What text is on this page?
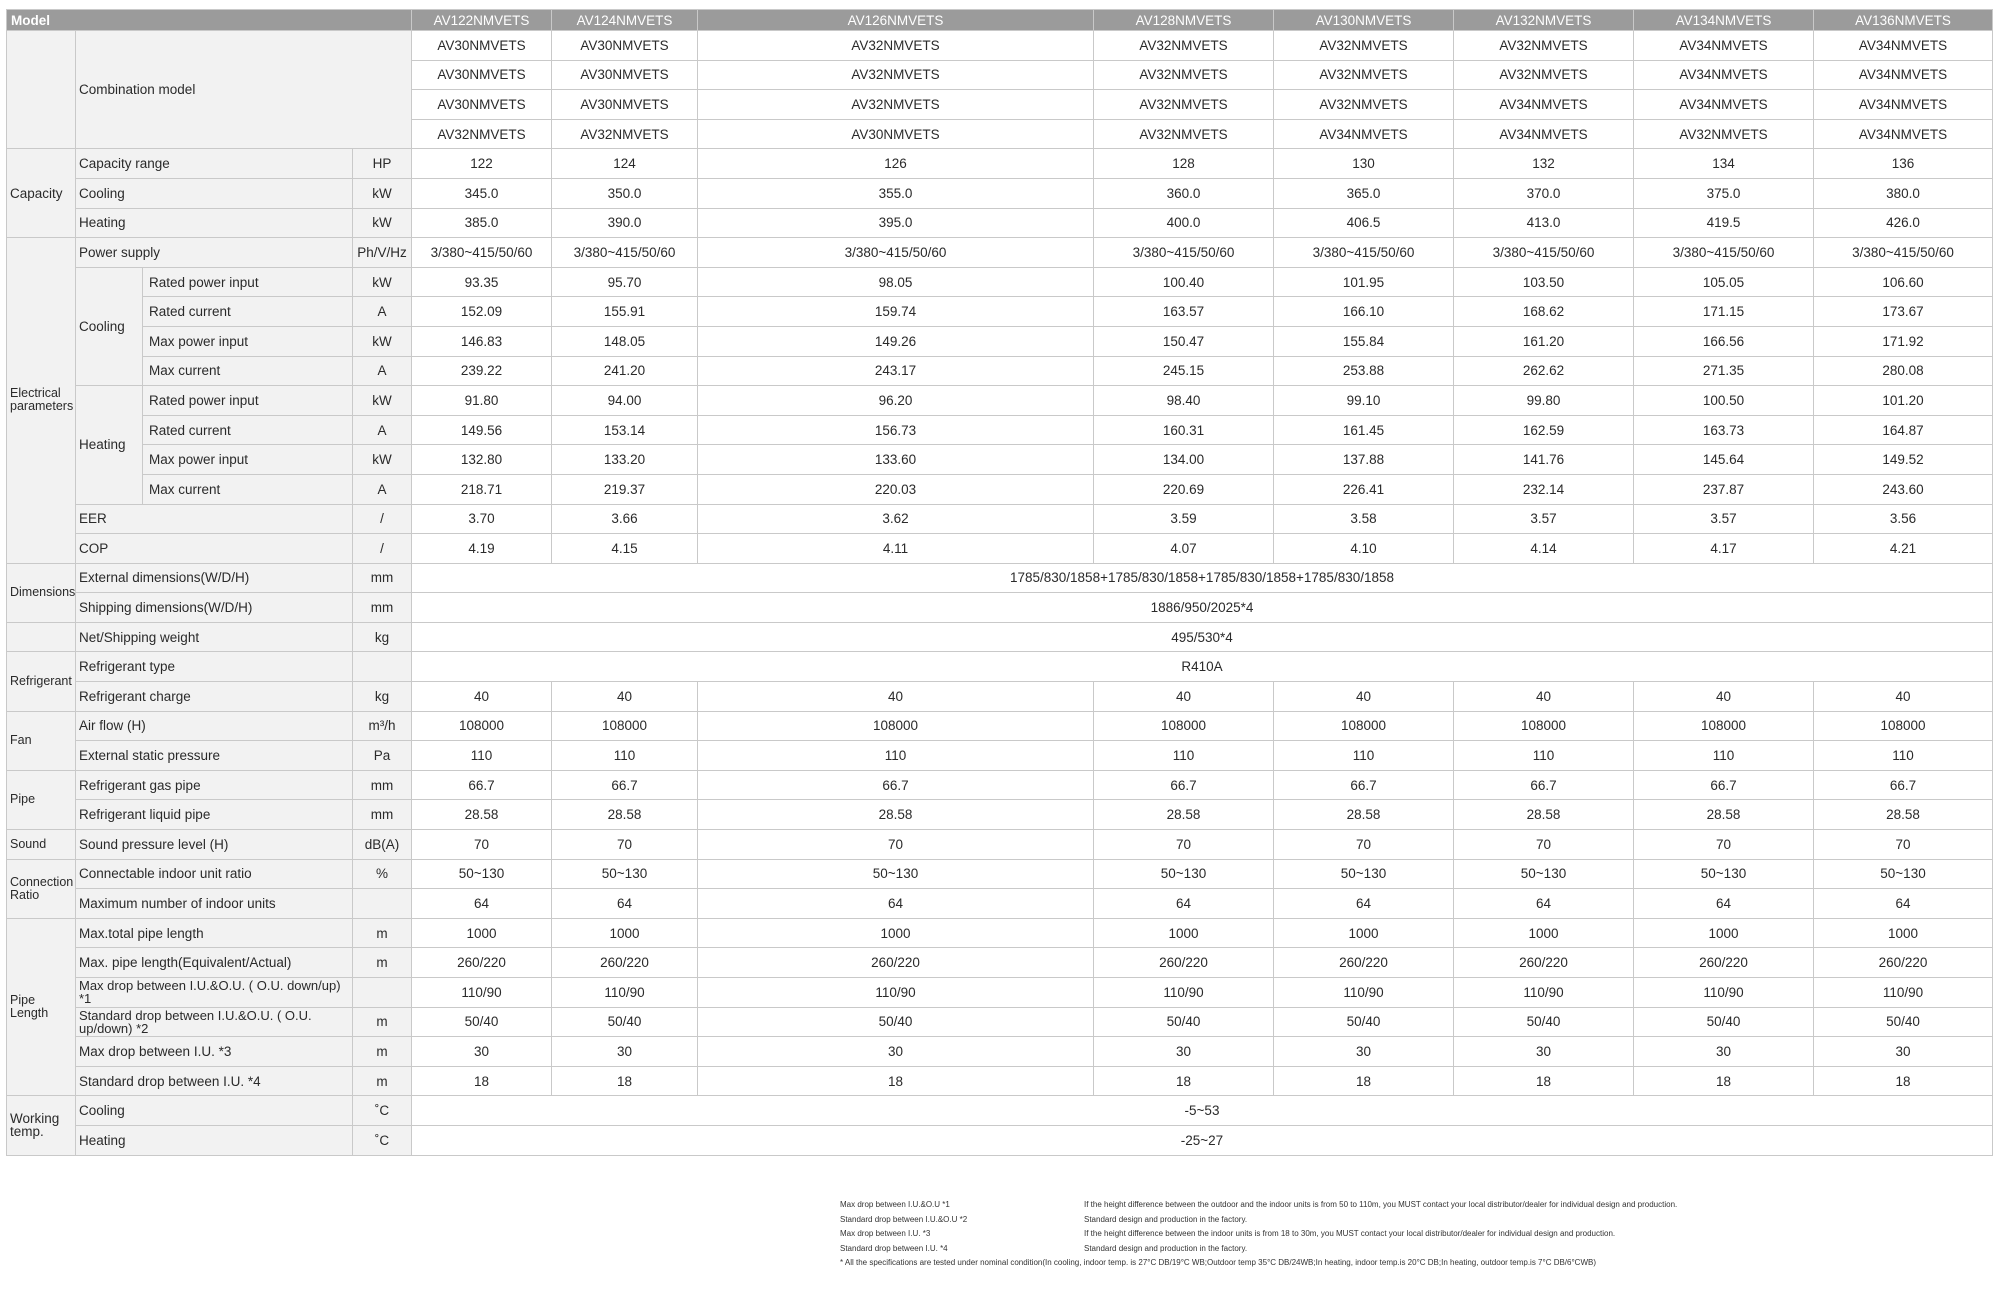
Model				AV122NMVETS	AV124NMVETS	AV126NMVETS	AV128NMVETS	AV130NMVETS	AV132NMVETS	AV134NMVETS	AV136NMVETS
	Combination model			AV30NMVETS	AV30NMVETS	AV32NMVETS	AV32NMVETS	AV32NMVETS	AV32NMVETS	AV34NMVETS	AV34NMVETS
				AV30NMVETS	AV30NMVETS	AV32NMVETS	AV32NMVETS	AV32NMVETS	AV32NMVETS	AV34NMVETS	AV34NMVETS
				AV30NMVETS	AV30NMVETS	AV32NMVETS	AV32NMVETS	AV32NMVETS	AV34NMVETS	AV34NMVETS	AV34NMVETS
				AV32NMVETS	AV32NMVETS	AV30NMVETS	AV32NMVETS	AV34NMVETS	AV34NMVETS	AV32NMVETS	AV34NMVETS
Capacity	Capacity range		HP	122	124	126	128	130	132	134	136
	Cooling		kW	345.0	350.0	355.0	360.0	365.0	370.0	375.0	380.0
	Heating		kW	385.0	390.0	395.0	400.0	406.5	413.0	419.5	426.0
Electrical parameters	Power supply		Ph/V/Hz	3/380~415/50/60	3/380~415/50/60	3/380~415/50/60	3/380~415/50/60	3/380~415/50/60	3/380~415/50/60	3/380~415/50/60	3/380~415/50/60
	Cooling	Rated power input	kW	93.35	95.70	98.05	100.40	101.95	103.50	105.05	106.60
		Rated current	A	152.09	155.91	159.74	163.57	166.10	168.62	171.15	173.67
		Max power input	kW	146.83	148.05	149.26	150.47	155.84	161.20	166.56	171.92
		Max current	A	239.22	241.20	243.17	245.15	253.88	262.62	271.35	280.08
	Heating	Rated power input	kW	91.80	94.00	96.20	98.40	99.10	99.80	100.50	101.20
		Rated current	A	149.56	153.14	156.73	160.31	161.45	162.59	163.73	164.87
		Max power input	kW	132.80	133.20	133.60	134.00	137.88	141.76	145.64	149.52
		Max current	A	218.71	219.37	220.03	220.69	226.41	232.14	237.87	243.60
	EER		/	3.70	3.66	3.62	3.59	3.58	3.57	3.57	3.56
	COP		/	4.19	4.15	4.11	4.07	4.10	4.14	4.17	4.21
Dimensions	External dimensions(W/D/H)		mm	1785/830/1858+1785/830/1858+1785/830/1858+1785/830/1858							
	Shipping dimensions(W/D/H)		mm	1886/950/2025*4							
	Net/Shipping weight		kg	495/530*4							
Refrigerant	Refrigerant type			R410A							
	Refrigerant charge		kg	40	40	40	40	40	40	40	40
Fan	Air flow (H)		m³/h	108000	108000	108000	108000	108000	108000	108000	108000
	External static pressure		Pa	110	110	110	110	110	110	110	110
Pipe	Refrigerant gas pipe		mm	66.7	66.7	66.7	66.7	66.7	66.7	66.7	66.7
	Refrigerant liquid pipe		mm	28.58	28.58	28.58	28.58	28.58	28.58	28.58	28.58
Sound	Sound pressure level (H)		dB(A)	70	70	70	70	70	70	70	70
Connection Ratio	Connectable indoor unit ratio		%	50~130	50~130	50~130	50~130	50~130	50~130	50~130	50~130
	Maximum number of indoor units			64	64	64	64	64	64	64	64
Pipe Length	Max.total pipe length		m	1000	1000	1000	1000	1000	1000	1000	1000
	Max. pipe length(Equivalent/Actual)		m	260/220	260/220	260/220	260/220	260/220	260/220	260/220	260/220
	Max drop between I.U.&O.U. ( O.U. down/up) *1			110/90	110/90	110/90	110/90	110/90	110/90	110/90	110/90
	Standard drop between I.U.&O.U. ( O.U. up/down) *2		m	50/40	50/40	50/40	50/40	50/40	50/40	50/40	50/40
	Max drop between I.U. *3		m	30	30	30	30	30	30	30	30
	Standard drop between I.U. *4		m	18	18	18	18	18	18	18	18
Working temp.	Cooling		˚C	-5~53							
	Heating		˚C	-25~27							
Max drop between I.U.&O.U *1	If the height difference between the outdoor and the indoor units is from 50 to 110m, you MUST contact your local distributor/dealer for individual design and production.
Standard drop between I.U.&O.U *2	Standard design and production in the factory.
Max drop between I.U. *3	If the height difference between the indoor units is from 18 to 30m, you MUST contact your local distributor/dealer for individual design and production.
Standard drop between I.U. *4	Standard design and production in the factory.
* All the specifications are tested under nominal condition(In cooling, indoor temp. is 27°C DB/19°C WB;Outdoor temp 35°C DB/24WB;In heating, indoor temp.is 20°C DB;In heating, outdoor temp.is 7°C DB/6°CWB)
